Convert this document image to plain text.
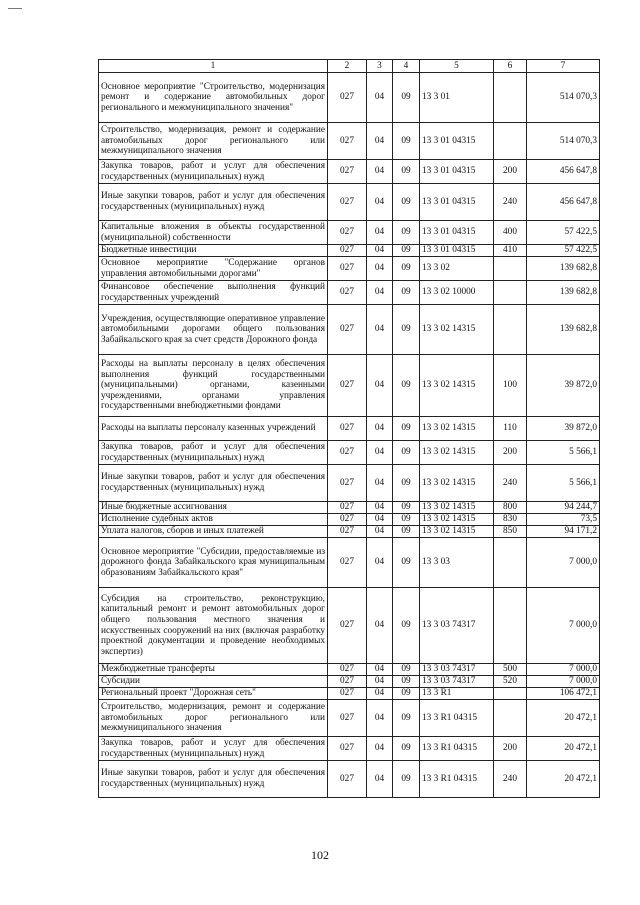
1	2	3	4	5	6	7
Основное мероприятие "Строительство, модернизация ремонт и содержание автомобильных дорог регионального и межмуниципального значения"	027	04	09	13 3 01		514 070,3
Строительство, модернизация, ремонт и содержание автомобильных дорог регионального или межмуниципального значения	027	04	09	13 3 01 04315		514 070,3
Закупка товаров, работ и услуг для обеспечения государственных (муниципальных) нужд	027	04	09	13 3 01 04315	200	456 647,8
Иные закупки товаров, работ и услуг для обеспечения государственных (муниципальных) нужд	027	04	09	13 3 01 04315	240	456 647,8
Капитальные вложения в объекты государственной (муниципальной) собственности	027	04	09	13 3 01 04315	400	57 422,5
Бюджетные инвестиции	027	04	09	13 3 01 04315	410	57 422,5
Основное мероприятие "Содержание органов управления автомобильными дорогами"	027	04	09	13 3 02		139 682,8
Финансовое обеспечение выполнения функций государственных учреждений	027	04	09	13 3 02 10000		139 682,8
Учреждения, осуществляющие оперативное управление автомобильными дорогами общего пользования Забайкальского края за счет средств Дорожного фонда	027	04	09	13 3 02 14315		139 682,8
Расходы на выплаты персоналу в целях обеспечения выполнения функций государственными (муниципальными) органами, казенными учреждениями, органами управления государственными внебюджетными фондами	027	04	09	13 3 02 14315	100	39 872,0
Расходы на выплаты персоналу казенных учреждений	027	04	09	13 3 02 14315	110	39 872,0
Закупка товаров, работ и услуг для обеспечения государственных (муниципальных) нужд	027	04	09	13 3 02 14315	200	5 566,1
Иные закупки товаров, работ и услуг для обеспечения государственных (муниципальных) нужд	027	04	09	13 3 02 14315	240	5 566,1
Иные бюджетные ассигнования	027	04	09	13 3 02 14315	800	94 244,7
Исполнение судебных актов	027	04	09	13 3 02 14315	830	73,5
Уплата налогов, сборов и иных платежей	027	04	09	13 3 02 14315	850	94 171,2
Основное мероприятие "Субсидии, предоставляемые из дорожного фонда Забайкальского края муниципальным образованиям Забайкальского края"	027	04	09	13 3 03		7 000,0
Субсидия на строительство, реконструкцию, капитальный ремонт и ремонт автомобильных дорог общего пользования местного значения и искусственных сооружений на них (включая разработку проектной документации и проведение необходимых экспертиз)	027	04	09	13 3 03 74317		7 000,0
Межбюджетные трансферты	027	04	09	13 3 03 74317	500	7 000,0
Субсидии	027	04	09	13 3 03 74317	520	7 000,0
Региональный проект "Дорожная сеть"	027	04	09	13 3 R1		106 472,1
Строительство, модернизация, ремонт и содержание автомобильных дорог регионального или межмуниципального значения	027	04	09	13 3 R1 04315		20 472,1
Закупка товаров, работ и услуг для обеспечения государственных (муниципальных) нужд	027	04	09	13 3 R1 04315	200	20 472,1
Иные закупки товаров, работ и услуг для обеспечения государственных (муниципальных) нужд	027	04	09	13 3 R1 04315	240	20 472,1
102
